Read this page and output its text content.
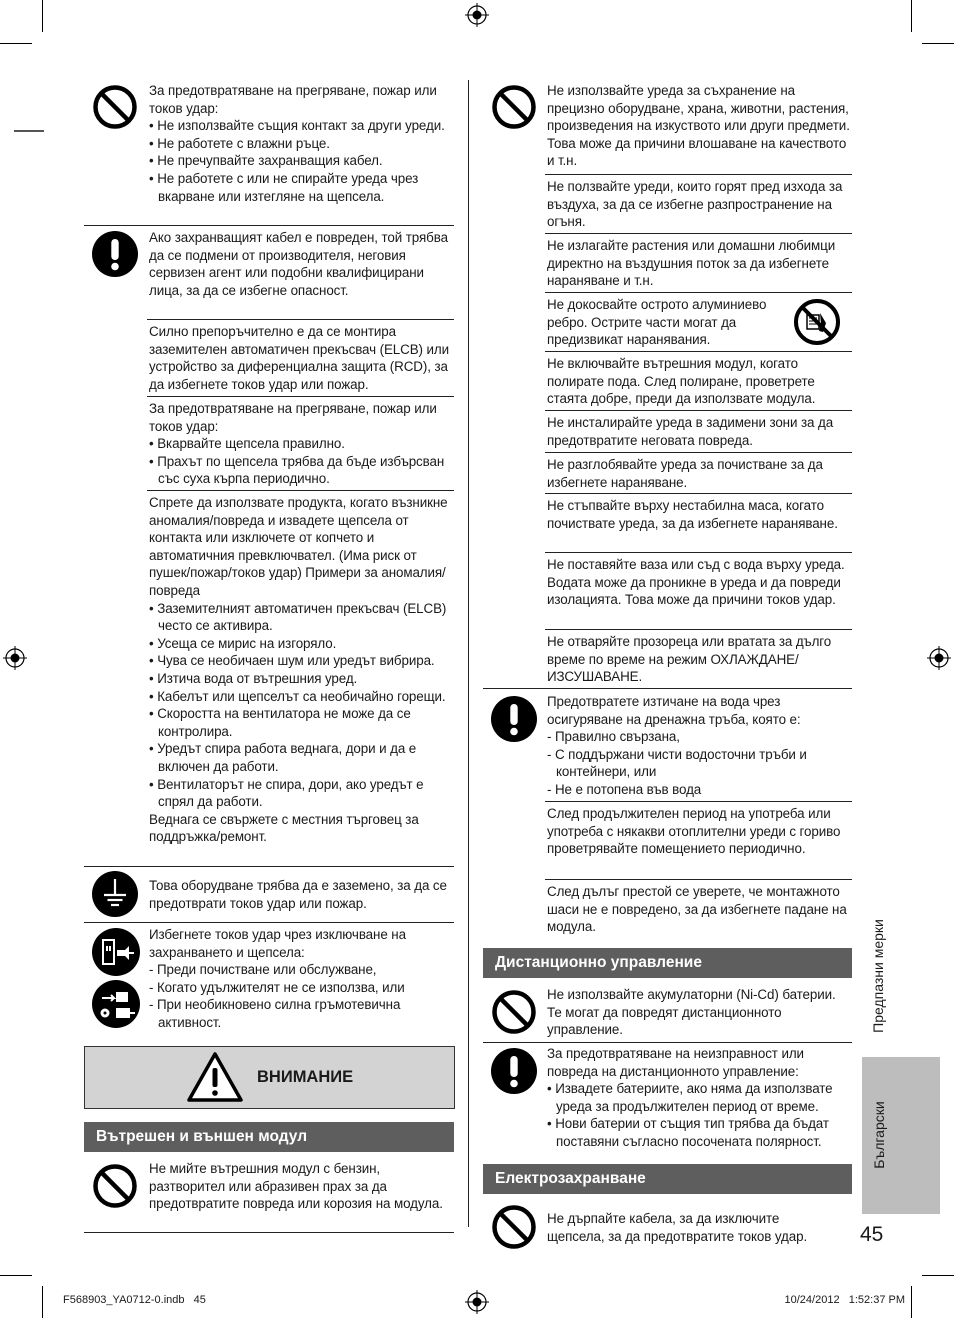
За предотвратяване на прегряване, пожар или токов удар:

• Не използвайте същия контакт за други уреди.

• Не работете с влажни ръце.

• Не пречупвайте захранващия кабел.

• Не работете с или не спирайте уреда чрез вкарване или изтегляне на щепсела.

Ако захранващият кабел е повреден, той трябва да се подмени от производителя, неговия сервизен агент или подобни квалифицирани лица, за да се избегне опасност.
Силно препоръчително е да се монтира заземителен автоматичен прекъсвач (ELCB) или устройство за диференциална защита (RCD), за да избегнете токов удар или пожар.

За предотвратяване на прегряване, пожар или токов удар:

• Вкарвайте щепсела правилно.

• Прахът по щепсела трябва да бъде избърсван със суха кърпа периодично.

Спрете да използвате продукта, когато възникне аномалия/повреда и извадете щепсела от контакта или изключете от копчето и автоматичния превключвател. (Има риск от пушек/пожар/токов удар) Примери за аномалия/повреда

• Заземителният автоматичен прекъсвач (ELCB) често се активира.

• Усеща се мирис на изгоряло.

• Чува се необичаен шум или уредът вибрира.

• Изтича вода от вътрешния уред.

• Кабелът или щепселът са необичайно горещи.

• Скоростта на вентилатора не може да се контролира.

• Уредът спира работа веднага, дори и да е включен да работи.

• Вентилаторът не спира, дори, ако уредът е спрял да работи.

Веднага се свържете с местния търговец за поддръжка/ремонт.

Това оборудване трябва да е заземено, за да се предотврати токов удар или пожар.

Избегнете токов удар чрез изключване на захранването и щепсела:

- Преди почистване или обслужване,

- Когато удължителят не се използва, или

- При необикновено силна гръмотевична активност.

ВНИМАНИЕ
Вътрешен и външен модул
Не мийте вътрешния модул с бензин, разтворител или абразивен прах за да предотвратите повреда или корозия на модула.
Не използвайте уреда за съхранение на прецизно оборудване, храна, животни, растения, произведения на изкуството или други предмети. Това може да причини влошаване на качеството и т.н.
Не ползвайте уреди, които горят пред изхода за въздуха, за да се избегне разпространение на огъня.
Не излагайте растения или домашни любимци директно на въздушния поток за да избегнете нараняване и т.н.
Не докосвайте острото алуминиево ребро. Острите части могат да предизвикат наранявания.
Не включвайте вътрешния модул, когато полирате пода. След полиране, проветрете стаята добре, преди да използвате модула.
Не инсталирайте уреда в задимени зони за да предотвратите неговата повреда.
Не разглобявайте уреда за почистване за да избегнете нараняване.
Не стъпвайте върху нестабилна маса, когато почиствате уреда, за да избегнете нараняване.
Не поставяйте ваза или съд с вода върху уреда. Водата може да проникне в уреда и да повреди изолацията. Това може да причини токов удар.
Не отваряйте прозореца или вратата за дълго време по време на режим ОХЛАЖДАНЕ/ ИЗСУШАВАНЕ.

Предотвратете изтичане на вода чрез осигуряване на дренажна тръба, която е:

- Правилно свързана,

- С поддържани чисти водосточни тръби и контейнери, или

- Не е потопена във вода

След продължителен период на употреба или употреба с някакви отоплителни уреди с гориво проветрявайте помещението периодично.
След дълъг престой се уверете, че монтажното шаси не е повредено, за да избегнете падане на модула.
Дистанционно управление
Не използвайте акумулаторни (Ni-Cd) батерии. Те могат да повредят дистанционното управление.

За предотвратяване на неизправност или повреда на дистанционното управление:

• Извадете батериите, ако няма да използвате уреда за продължителен период от време.

• Нови батерии от същия тип трябва да бъдат поставяни съгласно посочената полярност.

Електрозахранване
Не дърпайте кабела, за да изключите щепсела, за да предотвратите токов удар.
Предпазни мерки
Български
45
F568903_YA0712-0.indb   45	10/24/2012   1:52:37 PM
